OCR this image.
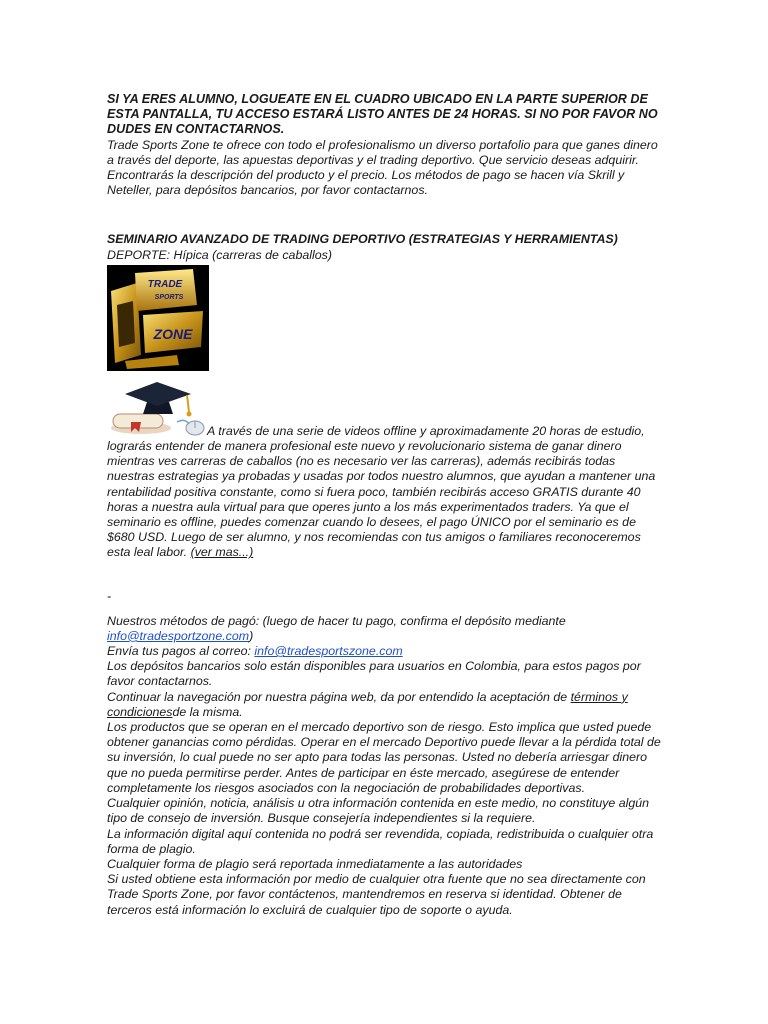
SI YA ERES ALUMNO, LOGUEATE EN EL CUADRO UBICADO EN LA PARTE SUPERIOR DE ESTA PANTALLA, TU ACCESO ESTARÁ LISTO ANTES DE 24 HORAS. SI NO POR FAVOR NO DUDES EN CONTACTARNOS.

Trade Sports Zone te ofrece con todo el profesionalismo un diverso portafolio para que ganes dinero a través del deporte, las apuestas deportivas y el trading deportivo. Que servicio deseas adquirir. Encontrarás la descripción del producto y el precio. Los métodos de pago se hacen vía Skrill y Neteller, para depósitos bancarios, por favor contactarnos.

SEMINARIO AVANZADO DE TRADING DEPORTIVO (ESTRATEGIAS Y HERRAMIENTAS)

DEPORTE: Hípica (carreras de caballos)

TRADE
SPORTS
ZONE

A través de una serie de videos offline y aproximadamente 20 horas de estudio, lograrás entender de manera profesional este nuevo y revolucionario sistema de ganar dinero mientras ves carreras de caballos (no es necesario ver las carreras), además recibirás todas nuestras estrategias ya probadas y usadas por todos nuestro alumnos, que ayudan a mantener una rentabilidad positiva constante, como si fuera poco, también recibirás acceso GRATIS durante 40 horas a nuestra aula virtual para que operes junto a los más experimentados traders. Ya que el seminario es offline, puedes comenzar cuando lo desees, el pago ÚNICO por el seminario es de $680 USD. Luego de ser alumno, y nos recomiendas con tus amigos o familiares reconoceremos esta leal labor. (ver mas...)

-

Nuestros métodos de pagó: (luego de hacer tu pago, confirma el depósito mediante info@tradesportzone.com)

Envía tus pagos al correo: info@tradesportszone.com

Los depósitos bancarios solo están disponibles para usuarios en Colombia, para estos pagos por favor contactarnos.

Continuar la navegación por nuestra página web, da por entendido la aceptación de términos y condicionesde la misma.

Los productos que se operan en el mercado deportivo son de riesgo. Esto implica que usted puede obtener ganancias como pérdidas. Operar en el mercado Deportivo puede llevar a la pérdida total de su inversión, lo cual puede no ser apto para todas las personas. Usted no debería arriesgar dinero que no pueda permitirse perder. Antes de participar en éste mercado, asegúrese de entender completamente los riesgos asociados con la negociación de probabilidades deportivas.

Cualquier opinión, noticia, análisis u otra información contenida en este medio, no constituye algún tipo de consejo de inversión. Busque consejería independientes si la requiere.

La información digital aquí contenida no podrá ser revendida, copiada, redistribuida o cualquier otra forma de plagio.

Cualquier forma de plagio será reportada inmediatamente a las autoridades

Si usted obtiene esta información por medio de cualquier otra fuente que no sea directamente con Trade Sports Zone, por favor contáctenos, mantendremos en reserva si identidad. Obtener de terceros está información lo excluirá de cualquier tipo de soporte o ayuda.
